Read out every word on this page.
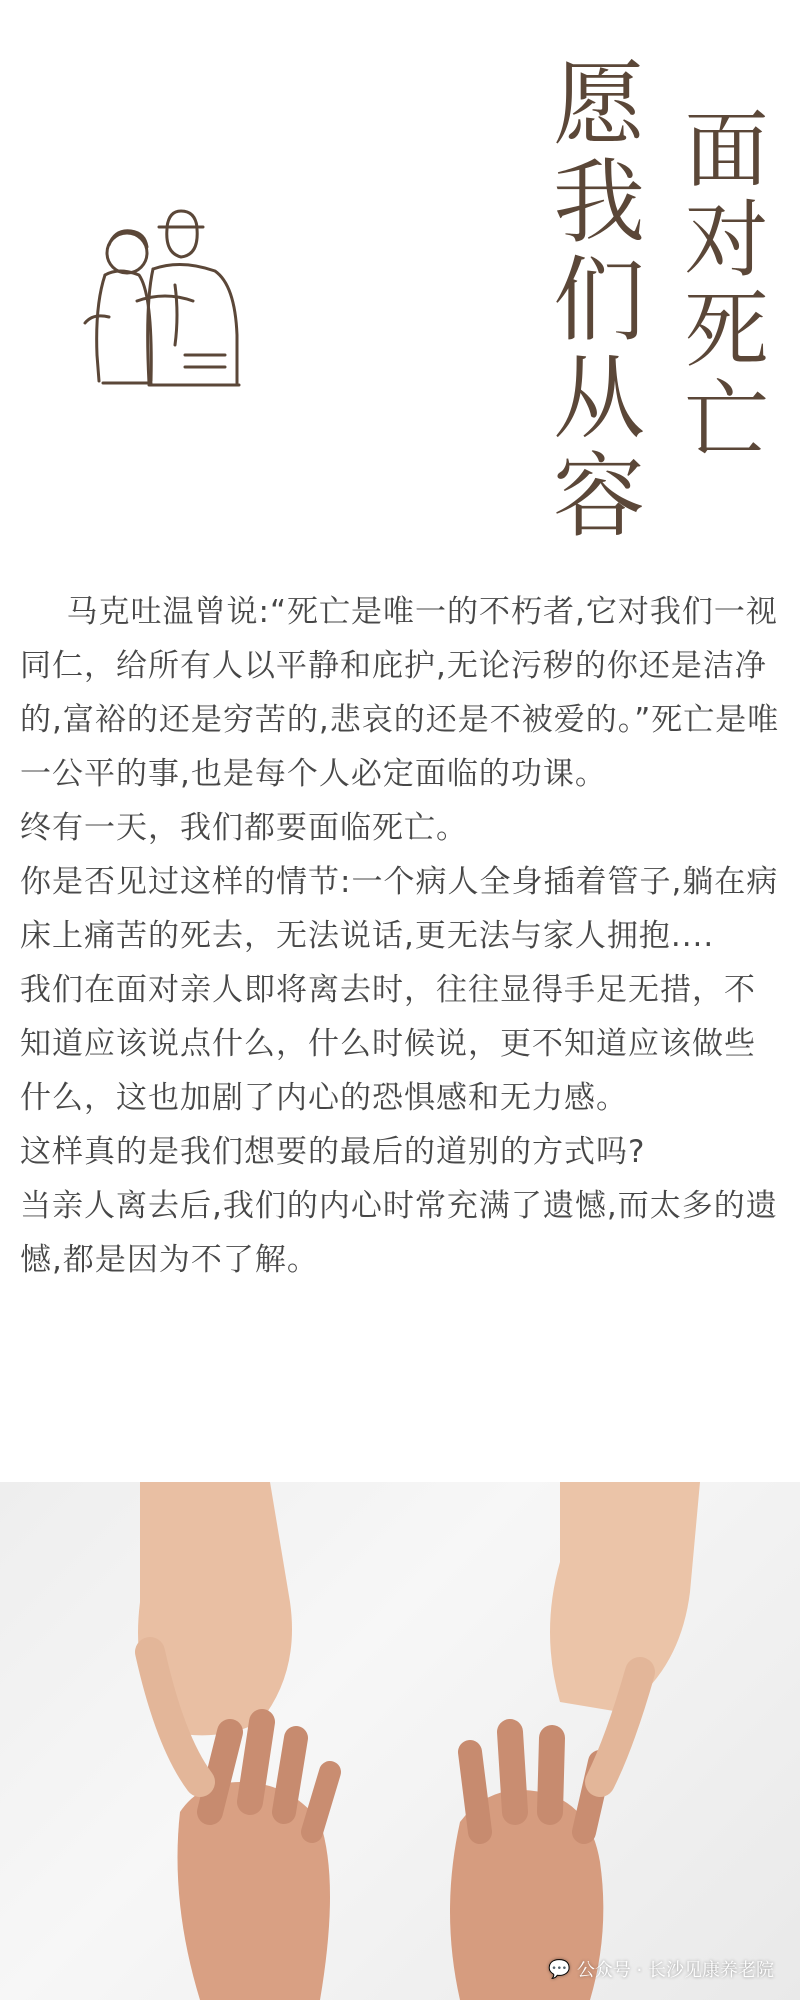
愿我们从容 面对死亡

马克吐温曾说:“死亡是唯一的不朽者,它对我们一视同仁，给所有人以平静和庇护,无论污秽的你还是洁净的,富裕的还是穷苦的,悲哀的还是不被爱的。”死亡是唯一公平的事,也是每个人必定面临的功课。

终有一天，我们都要面临死亡。

你是否见过这样的情节:一个病人全身插着管子,躺在病床上痛苦的死去，无法说话,更无法与家人拥抱....

我们在面对亲人即将离去时，往往显得手足无措，不知道应该说点什么，什么时候说，更不知道应该做些什么，这也加剧了内心的恐惧感和无力感。

这样真的是我们想要的最后的道别的方式吗?

当亲人离去后,我们的内心时常充满了遗憾,而太多的遗憾,都是因为不了解。

💬 公众号 · 长沙见康养老院
